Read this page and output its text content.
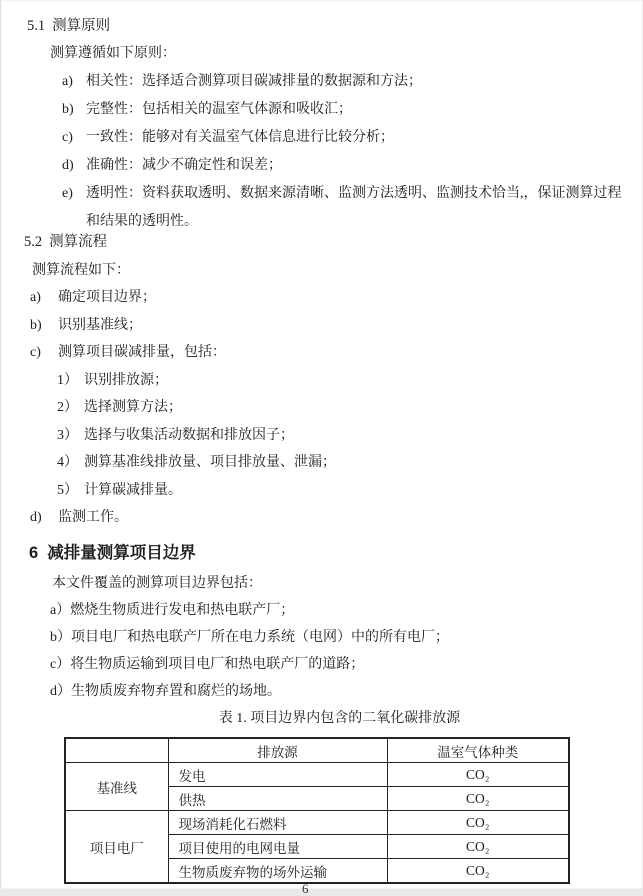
5.1 测算原则

测算遵循如下原则：

a) 相关性：选择适合测算项目碳减排量的数据源和方法；
b) 完整性：包括相关的温室气体源和吸收汇；
c) 一致性：能够对有关温室气体信息进行比较分析；
d) 准确性：减少不确定性和误差；
e) 透明性：资料获取透明、数据来源清晰、监测方法透明、监测技术恰当,，保证测算过程和结果的透明性。
5.2 测算流程

测算流程如下：

a) 确定项目边界；
b) 识别基准线；
c) 测算项目碳减排量，包括：
1） 识别排放源；
2） 选择测算方法；
3） 选择与收集活动数据和排放因子；
4） 测算基准线排放量、项目排放量、泄漏；
5） 计算碳减排量。
d) 监测工作。
6 减排量测算项目边界

本文件覆盖的测算项目边界包括：

a）燃烧生物质进行发电和热电联产厂；
b）项目电厂和热电联产厂所在电力系统（电网）中的所有电厂；
c）将生物质运输到项目电厂和热电联产厂的道路；
d）生物质废弃物弃置和腐烂的场地。
表 1. 项目边界内包含的二氧化碳排放源
	排放源	温室气体种类
基准线	发电	CO₂
	供热	CO₂
项目电厂	现场消耗化石燃料	CO₂
	项目使用的电网电量	CO₂
	生物质废弃物的场外运输	CO₂
6
